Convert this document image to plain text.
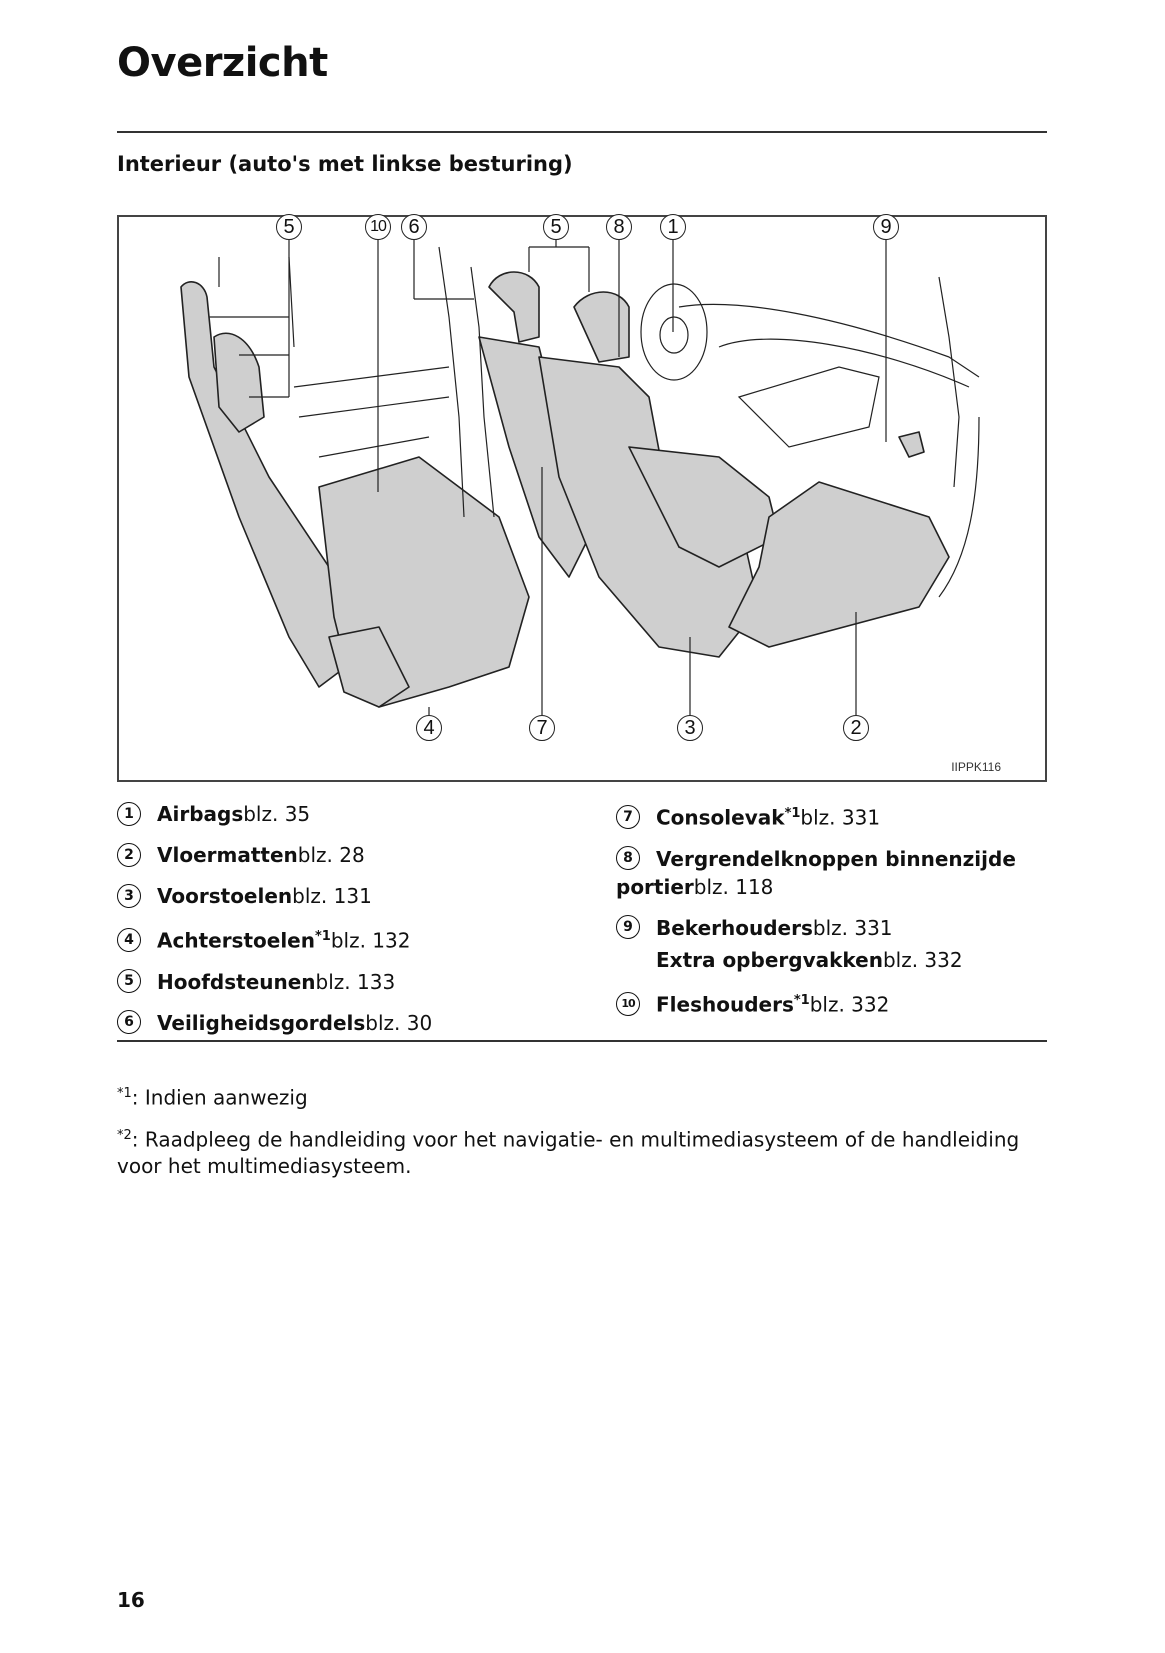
Overzicht
Interieur (auto's met linkse besturing)
5	10	6	5	8	1	9
4	7	3	2
IIPPK116
1 Airbagsblz. 35
2 Vloermattenblz. 28
3 Voorstoelenblz. 131
4 Achterstoelen$^{*1}$blz. 132
5 Hoofdsteunenblz. 133
6 Veiligheidsgordelsblz. 30
7 Consolevak$^{*1}$blz. 331
8 Vergrendelknoppen binnenzijde portierblz. 118
9 Bekerhoudersblz. 331
Extra opbergvakkenblz. 332
10 Fleshouders$^{*1}$blz. 332

$^{*1}$: Indien aanwezig

$^{*2}$: Raadpleeg de handleiding voor het navigatie- en multimediasysteem of de handleiding voor het multimediasysteem.

16
